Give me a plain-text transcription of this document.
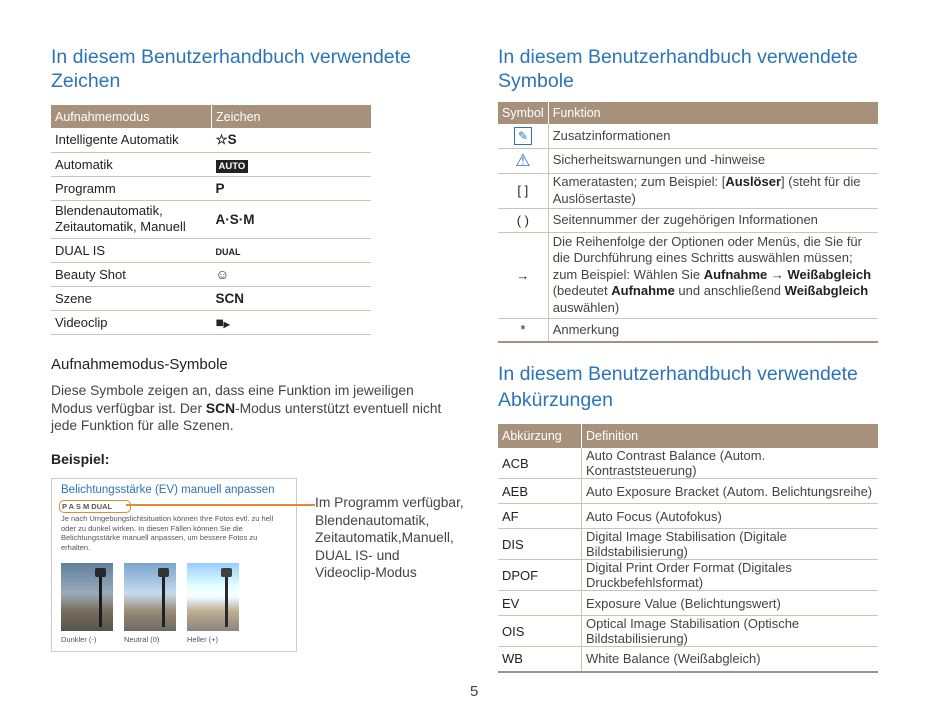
In diesem Benutzerhandbuch verwendete
Zeichen
Aufnahmemodus	Zeichen
Intelligente Automatik	☆S
Automatik	AUTO
Programm	P
Blendenautomatik,
Zeitautomatik, Manuell	A·S·M
DUAL IS	DUAL
Beauty Shot	☺
Szene	SCN
Videoclip	■▶

Aufnahmemodus-Symbole

Diese Symbole zeigen an, dass eine Funktion im jeweiligen
Modus verfügbar ist. Der SCN-Modus unterstützt eventuell nicht
jede Funktion für alle Szenen.

Beispiel:
Belichtungsstärke (EV) manuell anpassen
P A S M DUAL
Je nach Umgebungslichtsituation können Ihre Fotos evtl. zu hell oder zu dunkel wirken. In diesen Fällen können Sie die Belichtungsstärke manuell anpassen, um bessere Fotos zu erhalten.
Dunkler (-)	Neutral (0)	Heller (+)
Im Programm verfügbar,
Blendenautomatik,
Zeitautomatik,Manuell,
DUAL IS- und
Videoclip-Modus
In diesem Benutzerhandbuch verwendete
Symbole
Symbol	Funktion
✎	Zusatzinformationen
⚠	Sicherheitswarnungen und -hinweise
[ ]	Kameratasten; zum Beispiel: [Auslöser] (steht für die
Auslösertaste)
( )	Seitennummer der zugehörigen Informationen
→	Die Reihenfolge der Optionen oder Menüs, die Sie für
die Durchführung eines Schritts auswählen müssen;
zum Beispiel: Wählen Sie Aufnahme → Weißabgleich
(bedeutet Aufnahme und anschließend Weißabgleich
auswählen)
*	Anmerkung
In diesem Benutzerhandbuch verwendete
Abkürzungen
Abkürzung	Definition
ACB	Auto Contrast Balance (Autom. Kontraststeuerung)
AEB	Auto Exposure Bracket (Autom. Belichtungsreihe)
AF	Auto Focus (Autofokus)
DIS	Digital Image Stabilisation (Digitale Bildstabilisierung)
DPOF	Digital Print Order Format (Digitales Druckbefehlsformat)
EV	Exposure Value (Belichtungswert)
OIS	Optical Image Stabilisation (Optische Bildstabilisierung)
WB	White Balance (Weißabgleich)
5
